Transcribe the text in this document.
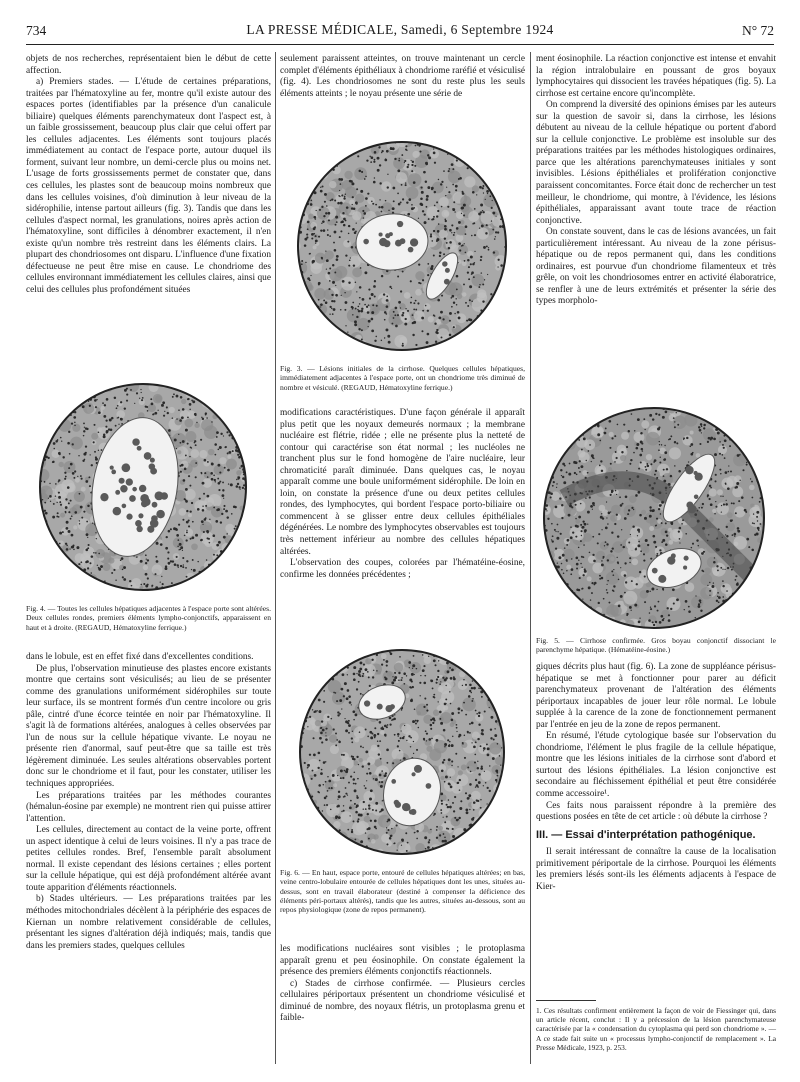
734	LA PRESSE MÉDICALE, Samedi, 6 Septembre 1924	N° 72

objets de nos recherches, représentaient bien le début de cette affection.

a) Premiers stades. — L'étude de certaines préparations, traitées par l'hématoxyline au fer, montre qu'il existe autour des espaces portes (identifiables par la présence d'un canalicule biliaire) quelques éléments parenchymateux dont l'aspect est, à un faible grossissement, beaucoup plus clair que celui offert par les cellules adjacentes. Les éléments sont toujours placés immédiatement au contact de l'espace porte, autour duquel ils forment, suivant leur nombre, un demi-cercle plus ou moins net. L'usage de forts grossissements permet de constater que, dans ces cellules, les plastes sont de beaucoup moins nombreux que dans les cellules voisines, d'où diminution à leur niveau de la sidérophilie, intense partout ailleurs (fig. 3). Tandis que dans les cellules d'aspect normal, les granulations, noires après action de l'hématoxyline, sont difficiles à dénombrer exactement, il n'en existe qu'un nombre très restreint dans les éléments clairs. La plupart des chondriosomes ont disparu. L'influence d'une fixation défectueuse ne peut être mise en cause. Le chondriome des cellules environnant immédiatement les cellules claires, ainsi que celui des cellules plus profondément situées

Fig. 4. — Toutes les cellules hépatiques adjacentes à l'espace porte sont altérées. Deux cellules rondes, premiers éléments lympho-conjonctifs, apparaissent en haut et à droite. (REGAUD, Hématoxyline ferrique.)

dans le lobule, est en effet fixé dans d'excellentes conditions.

De plus, l'observation minutieuse des plastes encore existants montre que certains sont vésiculisés; au lieu de se présenter comme des granulations uniformément sidérophiles sur toute leur surface, ils se montrent formés d'un centre incolore ou gris pâle, cintré d'une écorce teintée en noir par l'hématoxyline. Il s'agit là de formations altérées, analogues à celles observées par l'un de nous sur la cellule hépatique vivante. Le noyau ne présente rien d'anormal, sauf peut-être que sa taille est très légèrement diminuée. Les seules altérations observables portent donc sur le chondriome et il faut, pour les constater, utiliser les techniques appropriées.

Les préparations traitées par les méthodes courantes (hémalun-éosine par exemple) ne montrent rien qui puisse attirer l'attention.

Les cellules, directement au contact de la veine porte, offrent un aspect identique à celui de leurs voisines. Il n'y a pas trace de petites cellules rondes. Bref, l'ensemble paraît absolument normal. Il existe cependant des lésions certaines ; elles portent sur la cellule hépatique, qui est déjà profondément altérée avant toute apparition d'éléments réactionnels.

b) Stades ultérieurs. — Les préparations traitées par les méthodes mitochondriales décèlent à la périphérie des espaces de Kiernan un nombre relativement considérable de cellules, présentant les signes d'altération déjà indiqués; mais, tandis que dans les premiers stades, quelques cellules

seulement paraissent atteintes, on trouve maintenant un cercle complet d'éléments épithéliaux à chondriome raréfié et vésiculisé (fig. 4). Les chondriosomes ne sont du reste plus les seuls éléments atteints ; le noyau présente une série de

Fig. 3. — Lésions initiales de la cirrhose. Quelques cellules hépatiques, immédiatement adjacentes à l'espace porte, ont un chondriome très diminué de nombre et vésiculé. (REGAUD, Hématoxyline ferrique.)

modifications caractéristiques. D'une façon générale il apparaît plus petit que les noyaux demeurés normaux ; la membrane nucléaire est flétrie, ridée ; elle ne présente plus la netteté de contour qui caractérise son état normal ; les nucléoles ne tranchent plus sur le fond homogène de l'aire nucléaire, leur chromaticité paraît diminuée. Dans quelques cas, le noyau apparaît comme une boule uniformément sidérophile. De loin en loin, on constate la présence d'une ou deux petites cellules rondes, des lymphocytes, qui bordent l'espace porto-biliaire ou commencent à se glisser entre deux cellules épithéliales dégénérées. Le nombre des lymphocytes observables est toujours très nettement inférieur au nombre des cellules hépatiques altérées.

L'observation des coupes, colorées par l'hématéine-éosine, confirme les données précédentes ;

Fig. 6. — En haut, espace porte, entouré de cellules hépatiques altérées; en bas, veine centro-lobulaire entourée de cellules hépatiques dont les unes, situées au-dessus, sont en travail élaborateur (destiné à compenser la déficience des éléments péri-portaux altérés), tandis que les autres, situées au-dessous, sont au repos physiologique (zone de repos permanent).

les modifications nucléaires sont visibles ; le protoplasma apparaît grenu et peu éosinophile. On constate également la présence des premiers éléments conjonctifs réactionnels.

c) Stades de cirrhose confirmée. — Plusieurs cercles cellulaires périportaux présentent un chondriome vésiculisé et diminué de nombre, des noyaux flétris, un protoplasma grenu et faible-

ment éosinophile. La réaction conjonctive est intense et envahit la région intralobulaire en poussant de gros boyaux lymphocytaires qui dissocient les travées hépatiques (fig. 5). La cirrhose est certaine encore qu'incomplète.

On comprend la diversité des opinions émises par les auteurs sur la question de savoir si, dans la cirrhose, les lésions débutent au niveau de la cellule hépatique ou portent d'abord sur la cellule conjonctive. Le problème est insoluble sur des préparations traitées par les méthodes histologiques ordinaires, parce que les altérations parenchymateuses initiales y sont invisibles. Lésions épithéliales et prolifération conjonctive paraissent concomitantes. Force était donc de rechercher un test meilleur, le chondriome, qui montre, à l'évidence, les lésions épithéliales, apparaissant avant toute trace de réaction conjonctive.

On constate souvent, dans le cas de lésions avancées, un fait particulièrement intéressant. Au niveau de la zone périsus-hépatique ou de repos permanent qui, dans les conditions ordinaires, est pourvue d'un chondriome filamenteux et très grêle, on voit les chondriosomes entrer en activité élaboratrice, se renfler à une de leurs extrémités et présenter la série des types morpholo-

Fig. 5. — Cirrhose confirmée. Gros boyau conjonctif dissociant le parenchyme hépatique. (Hématéine-éosine.)

giques décrits plus haut (fig. 6). La zone de suppléance périsus-hépatique se met à fonctionner pour parer au déficit parenchymateux provenant de l'altération des éléments périportaux incapables de jouer leur rôle normal. Le lobule supplée à la carence de la zone de fonctionnement permanent par l'entrée en jeu de la zone de repos permanent.

En résumé, l'étude cytologique basée sur l'observation du chondriome, l'élément le plus fragile de la cellule hépatique, montre que les lésions initiales de la cirrhose sont d'abord et surtout des lésions épithéliales. La lésion conjonctive est secondaire au fléchissement épithélial et peut être considérée comme accessoire¹.

Ces faits nous paraissent répondre à la première des questions posées en tête de cet article : où débute la cirrhose ?

III. — Essai d'interprétation pathogénique.

Il serait intéressant de connaître la cause de la localisation primitivement périportale de la cirrhose. Pourquoi les éléments les premiers lésés sont-ils les éléments adjacents à l'espace de Kier-

1. Ces résultats confirment entièrement la façon de voir de Fiessinger qui, dans un article récent, conclut : Il y a précession de la lésion parenchymateuse caractérisée par la « condensation du cytoplasma qui perd son chondriome ». — A ce stade fait suite un « processus lympho-conjonctif de remplacement ». La Presse Médicale, 1923, p. 253.
